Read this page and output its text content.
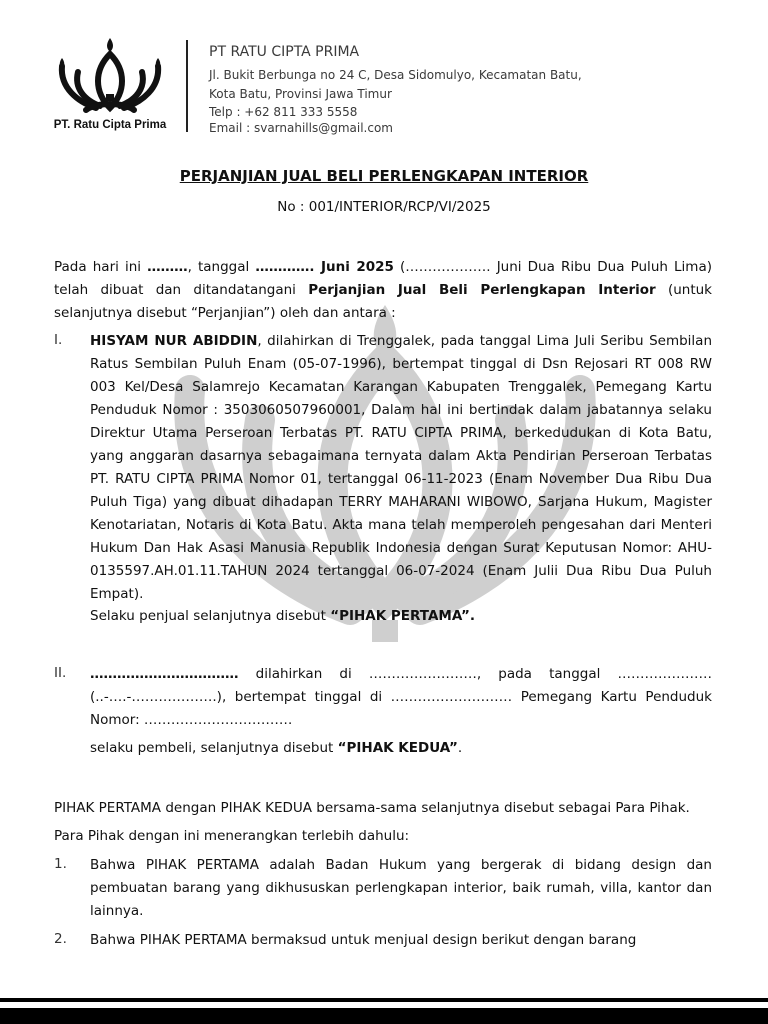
PT. Ratu Cipta Prima
PT RATU CIPTA PRIMA
Jl. Bukit Berbunga no 24 C, Desa Sidomulyo, Kecamatan Batu,
Kota Batu, Provinsi Jawa Timur
Telp : +62 811 333 5558
Email : svarnahills@gmail.com
PERJANJIAN JUAL BELI PERLENGKAPAN INTERIOR
No : 001/INTERIOR/RCP/VI/2025
Pada hari ini ………, tanggal …………. Juni 2025 (………………. Juni Dua Ribu Dua Puluh Lima) telah dibuat dan ditandatangani Perjanjian Jual Beli Perlengkapan Interior (untuk selanjutnya disebut “Perjanjian”) oleh dan antara :
I. HISYAM NUR ABIDDIN, dilahirkan di Trenggalek, pada tanggal Lima Juli Seribu Sembilan Ratus Sembilan Puluh Enam (05-07-1996), bertempat tinggal di Dsn Rejosari RT 008 RW 003 Kel/Desa Salamrejo Kecamatan Karangan Kabupaten Trenggalek, Pemegang Kartu Penduduk Nomor : 3503060507960001, Dalam hal ini bertindak dalam jabatannya selaku Direktur Utama Perseroan Terbatas PT. RATU CIPTA PRIMA, berkedudukan di Kota Batu, yang anggaran dasarnya sebagaimana ternyata dalam Akta Pendirian Perseroan Terbatas PT. RATU CIPTA PRIMA Nomor 01, tertanggal 06-11-2023 (Enam November Dua Ribu Dua Puluh Tiga) yang dibuat dihadapan TERRY MAHARANI WIBOWO, Sarjana Hukum, Magister Kenotariatan, Notaris di Kota Batu. Akta mana telah memperoleh pengesahan dari Menteri Hukum Dan Hak Asasi Manusia Republik Indonesia dengan Surat Keputusan Nomor: AHU-0135597.AH.01.11.TAHUN 2024 tertanggal 06-07-2024 (Enam Julii Dua Ribu Dua Puluh Empat).
Selaku penjual selanjutnya disebut “PIHAK PERTAMA”.
II. …………………………… dilahirkan di ……………………, pada tanggal ………………… (..-….-……………….), bertempat tinggal di ……………………… Pemegang Kartu Penduduk Nomor: ……………………………
selaku pembeli, selanjutnya disebut “PIHAK KEDUA”.
PIHAK PERTAMA dengan PIHAK KEDUA bersama-sama selanjutnya disebut sebagai Para Pihak.
Para Pihak dengan ini menerangkan terlebih dahulu:
1. Bahwa PIHAK PERTAMA adalah Badan Hukum yang bergerak di bidang design dan pembuatan barang yang dikhususkan perlengkapan interior, baik rumah, villa, kantor dan lainnya.
2. Bahwa PIHAK PERTAMA bermaksud untuk menjual design berikut dengan barang
